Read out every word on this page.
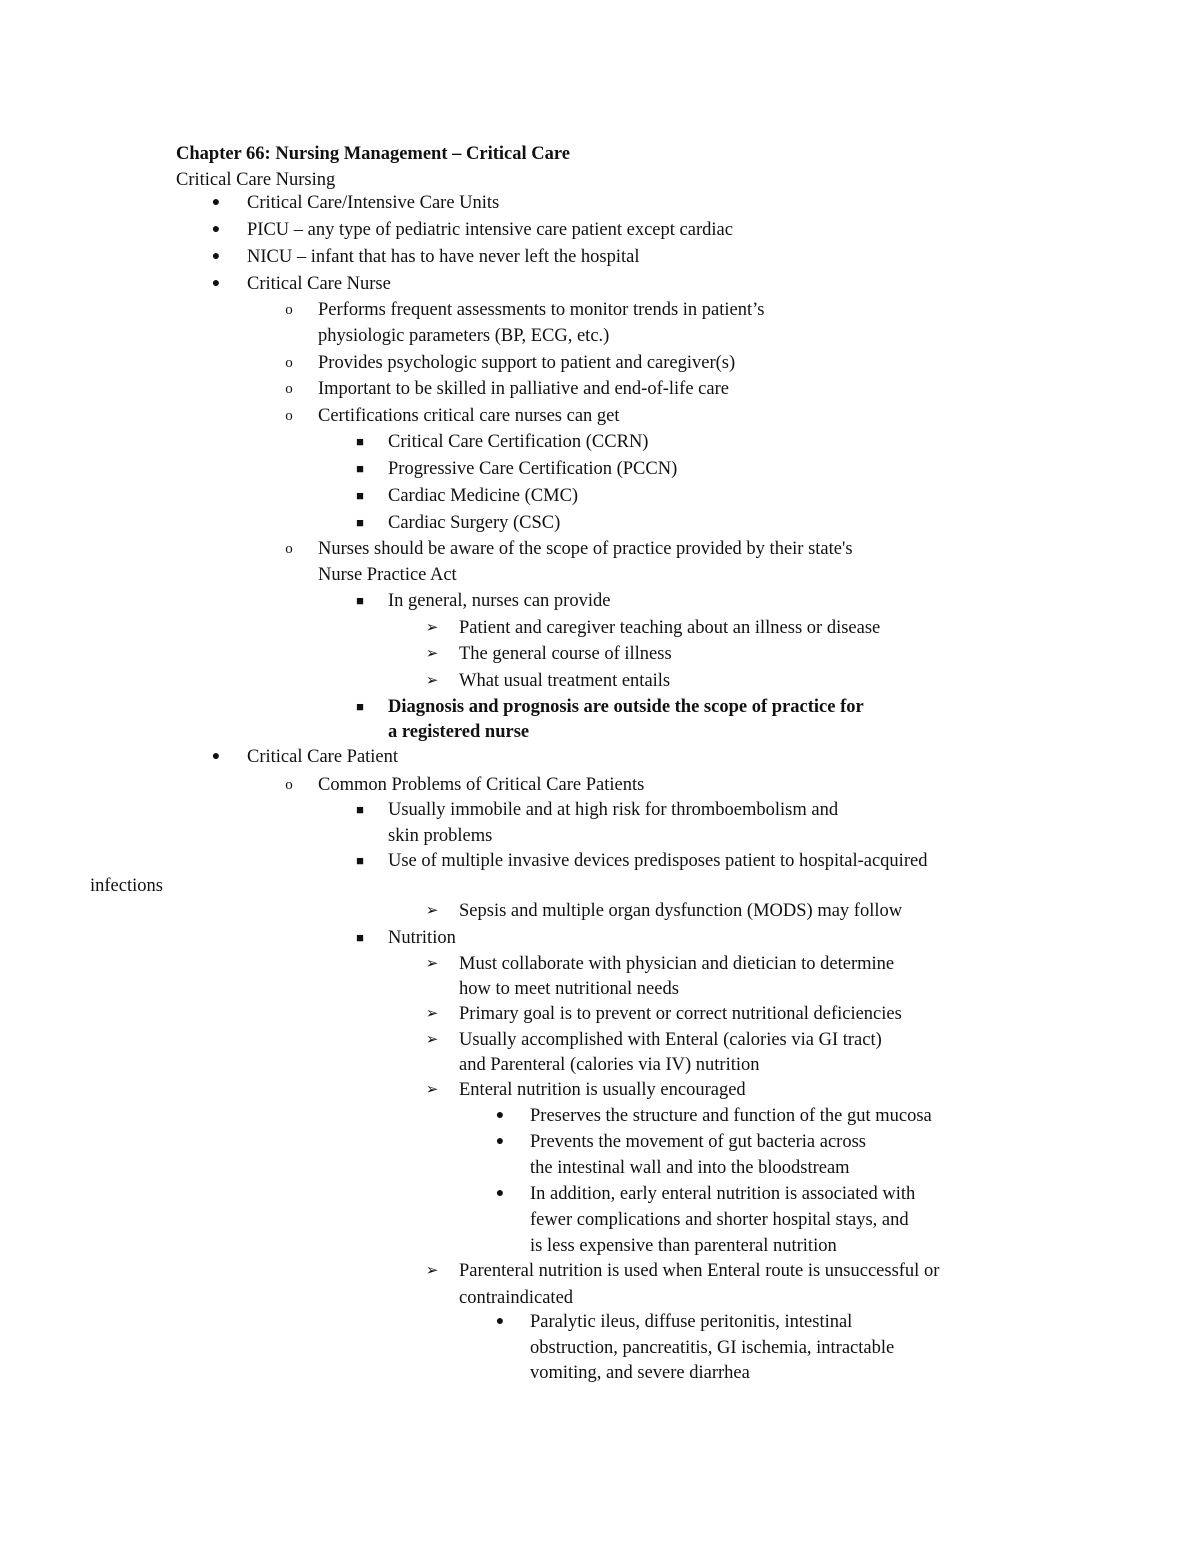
Chapter 66: Nursing Management – Critical Care
Critical Care Nursing
● Critical Care/Intensive Care Units
● PICU – any type of pediatric intensive care patient except cardiac
● NICU – infant that has to have never left the hospital
● Critical Care Nurse
o Performs frequent assessments to monitor trends in patient’s
physiologic parameters (BP, ECG, etc.)
o Provides psychologic support to patient and caregiver(s)
o Important to be skilled in palliative and end-of-life care
o Certifications critical care nurses can get
■ Critical Care Certification (CCRN)
■ Progressive Care Certification (PCCN)
■ Cardiac Medicine (CMC)
■ Cardiac Surgery (CSC)
o Nurses should be aware of the scope of practice provided by their state's
Nurse Practice Act
■ In general, nurses can provide
➢ Patient and caregiver teaching about an illness or disease
➢ The general course of illness
➢ What usual treatment entails
■ Diagnosis and prognosis are outside the scope of practice for
a registered nurse
● Critical Care Patient
o Common Problems of Critical Care Patients
■ Usually immobile and at high risk for thromboembolism and
skin problems
■ Use of multiple invasive devices predisposes patient to hospital-acquired
infections
➢ Sepsis and multiple organ dysfunction (MODS) may follow
■ Nutrition
➢ Must collaborate with physician and dietician to determine
how to meet nutritional needs
➢ Primary goal is to prevent or correct nutritional deficiencies
➢ Usually accomplished with Enteral (calories via GI tract)
and Parenteral (calories via IV) nutrition
➢ Enteral nutrition is usually encouraged
● Preserves the structure and function of the gut mucosa
● Prevents the movement of gut bacteria across
the intestinal wall and into the bloodstream
● In addition, early enteral nutrition is associated with
fewer complications and shorter hospital stays, and
is less expensive than parenteral nutrition
➢ Parenteral nutrition is used when Enteral route is unsuccessful or
contraindicated
● Paralytic ileus, diffuse peritonitis, intestinal
obstruction, pancreatitis, GI ischemia, intractable
vomiting, and severe diarrhea
